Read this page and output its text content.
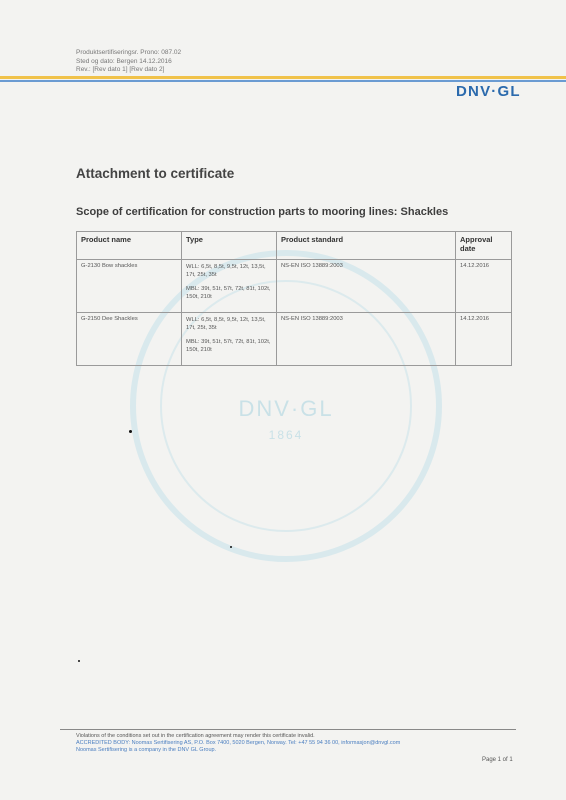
Produktsertifiseringsr. Prono: 087.02
Sted og dato: Bergen 14.12.2016
Rev.: [Rev dato 1] [Rev dato 2]
DNV·GL
DNV·GL
1864
Attachment to certificate
Scope of certification for construction parts to mooring lines: Shackles
Product name	Type	Product standard	Approval date
G-2130 Bow shackles	WLL: 6,5t, 8,5t, 9,5t, 12t, 13,5t, 17t, 25t, 35t

MBL: 39t, 51t, 57t, 72t, 81t, 102t, 150t, 210t	NS-EN ISO 13889:2003	14.12.2016
G-2150 Dee Shackles	WLL: 6,5t, 8,5t, 9,5t, 12t, 13,5t, 17t, 25t, 35t

MBL: 39t, 51t, 57t, 72t, 81t, 102t, 150t, 210t	NS-EN ISO 13889:2003	14.12.2016
Violations of the conditions set out in the certification agreement may render this certificate invalid.
ACCREDITED BODY: Noomas Sertifisering AS, P.O. Box 7400, 5020 Bergen, Norway. Tel: +47 55 94 36 00, informasjon@dnvgl.com
Noomas Sertifisering is a company in the DNV GL Group.
Page 1 of 1
